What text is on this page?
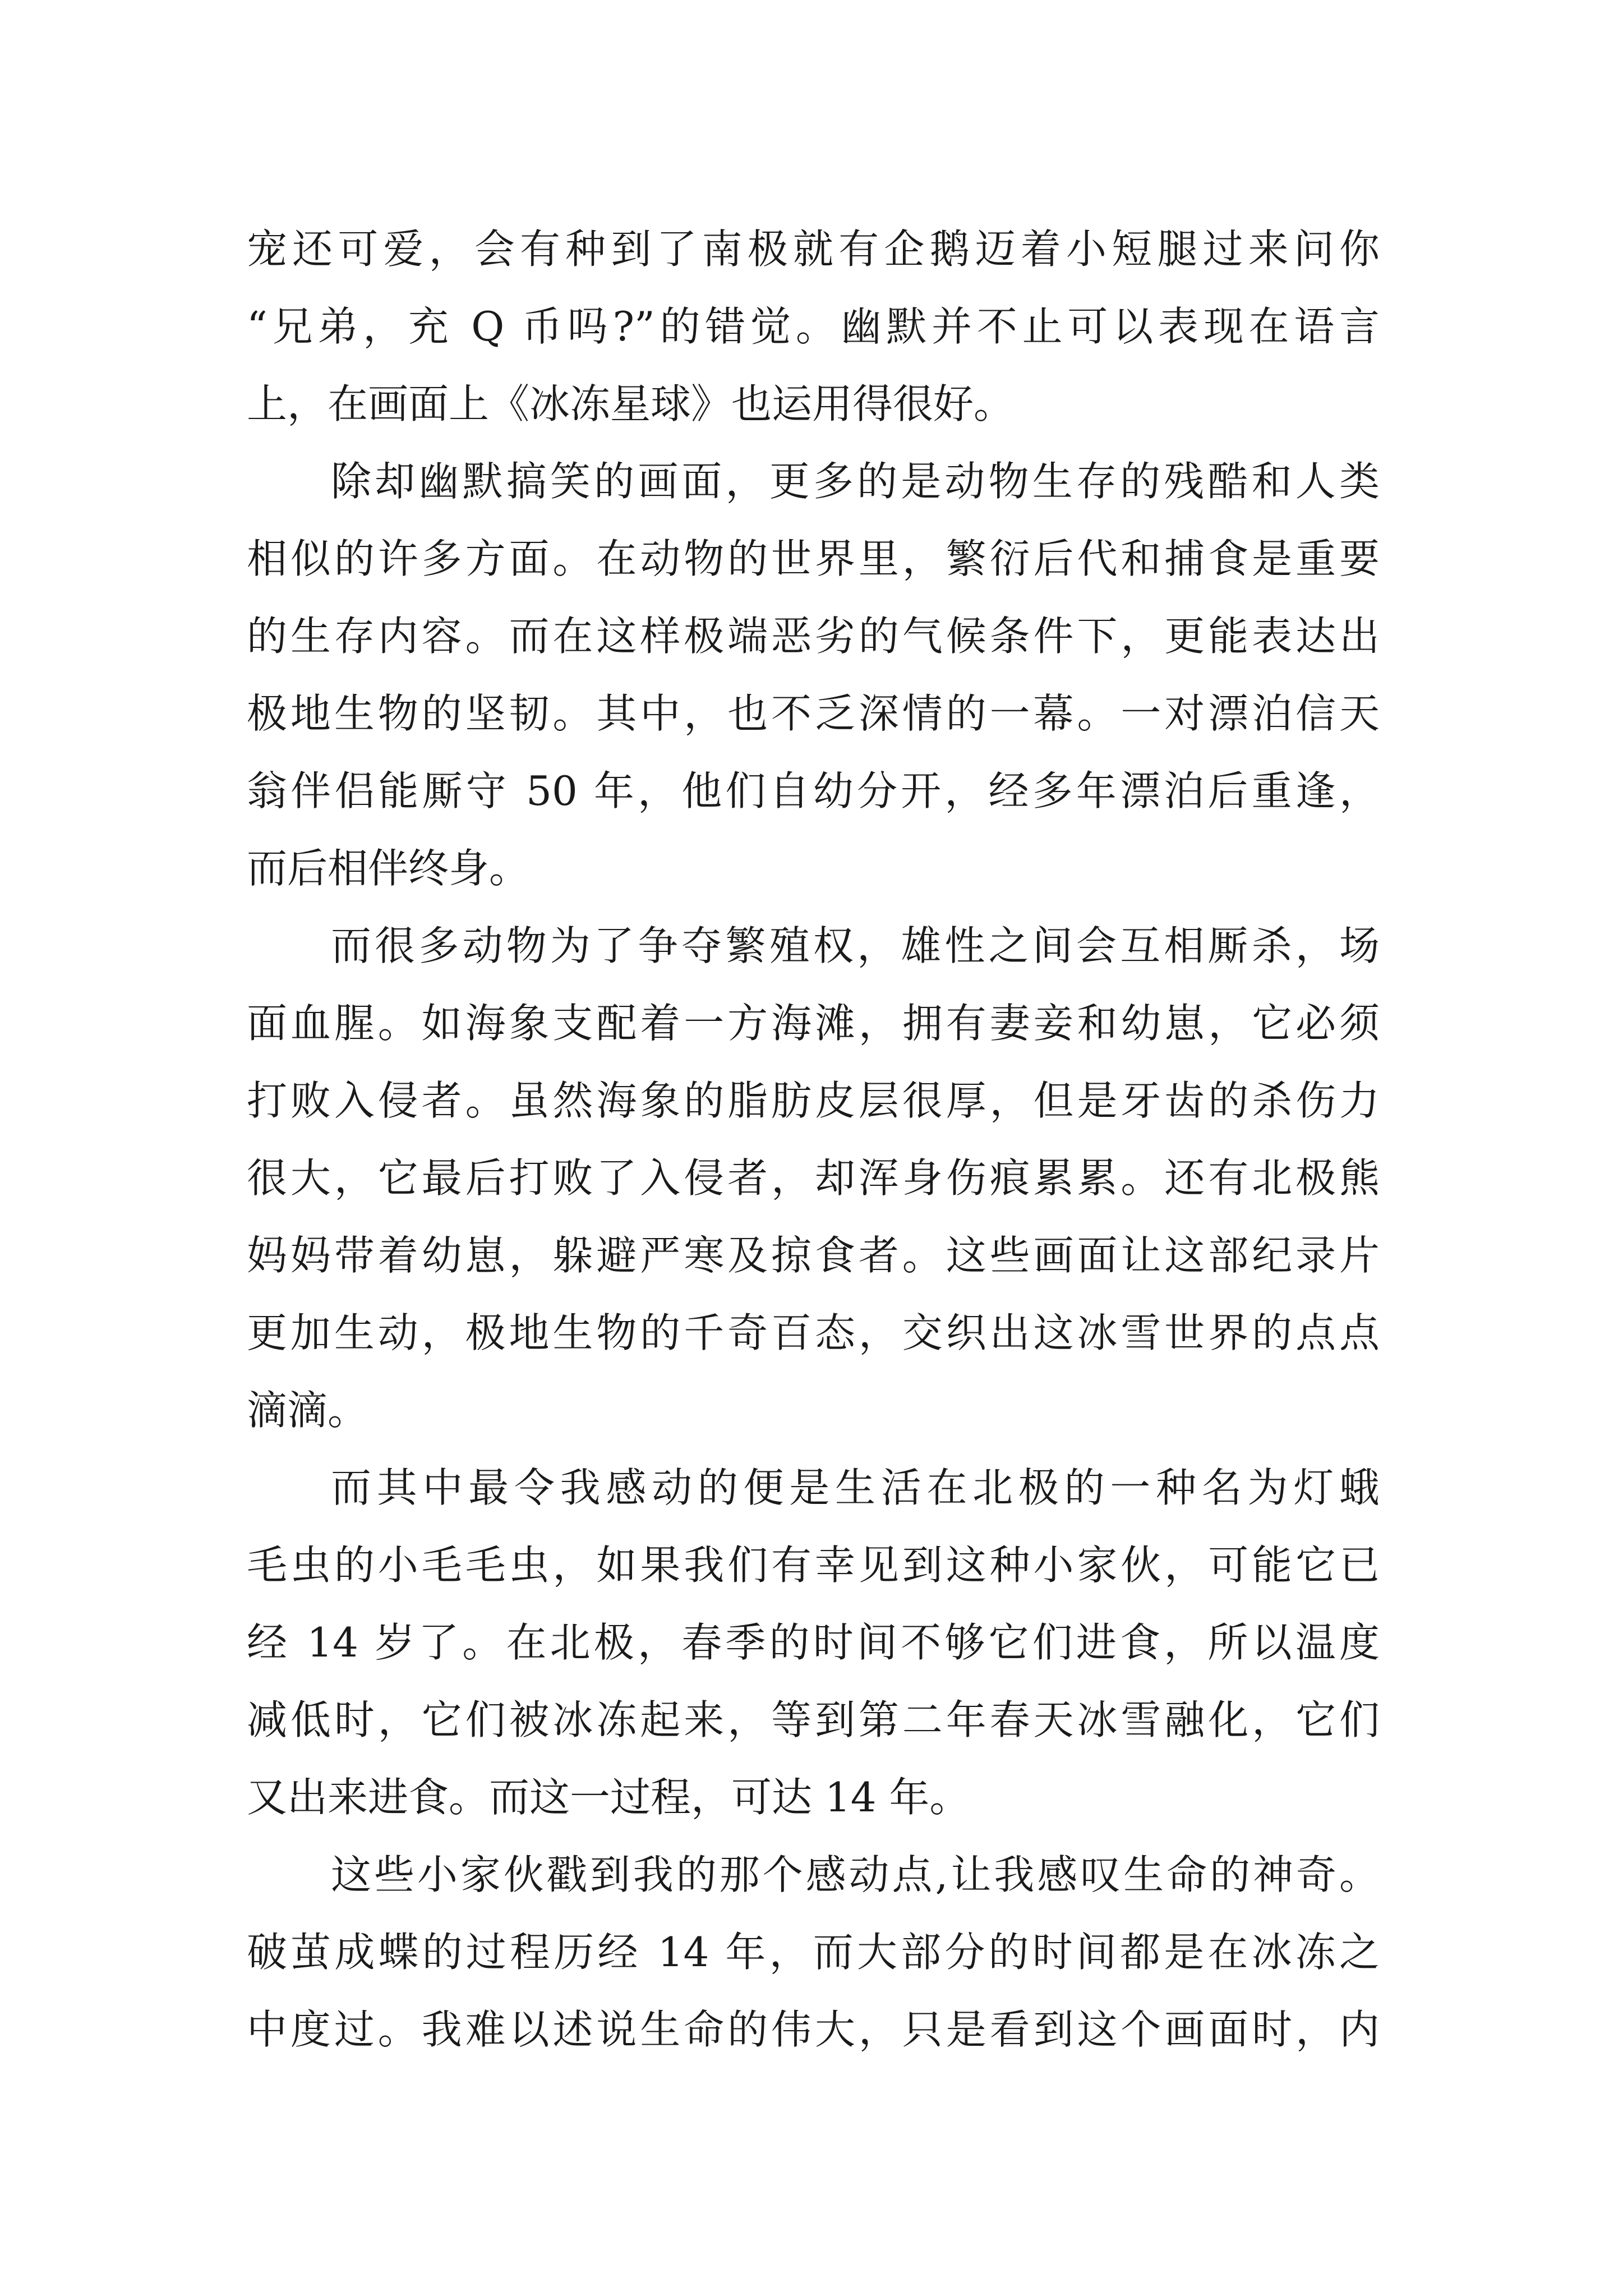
宠还可爱，会有种到了南极就有企鹅迈着小短腿过来问你
“兄弟，充 Q 币吗?”的错觉。幽默并不止可以表现在语言
上，在画面上《冰冻星球》也运用得很好。
除却幽默搞笑的画面，更多的是动物生存的残酷和人类
相似的许多方面。在动物的世界里，繁衍后代和捕食是重要
的生存内容。而在这样极端恶劣的气候条件下，更能表达出
极地生物的坚韧。其中，也不乏深情的一幕。一对漂泊信天
翁伴侣能厮守 50 年，他们自幼分开，经多年漂泊后重逢，
而后相伴终身。
而很多动物为了争夺繁殖权，雄性之间会互相厮杀，场
面血腥。如海象支配着一方海滩，拥有妻妾和幼崽，它必须
打败入侵者。虽然海象的脂肪皮层很厚，但是牙齿的杀伤力
很大，它最后打败了入侵者，却浑身伤痕累累。还有北极熊
妈妈带着幼崽，躲避严寒及掠食者。这些画面让这部纪录片
更加生动，极地生物的千奇百态，交织出这冰雪世界的点点
滴滴。
而其中最令我感动的便是生活在北极的一种名为灯蛾
毛虫的小毛毛虫，如果我们有幸见到这种小家伙，可能它已
经 14 岁了。在北极，春季的时间不够它们进食，所以温度
减低时，它们被冰冻起来，等到第二年春天冰雪融化，它们
又出来进食。而这一过程，可达 14 年。
这些小家伙戳到我的那个感动点,让我感叹生命的神奇。
破茧成蝶的过程历经 14 年，而大部分的时间都是在冰冻之
中度过。我难以述说生命的伟大，只是看到这个画面时，内
